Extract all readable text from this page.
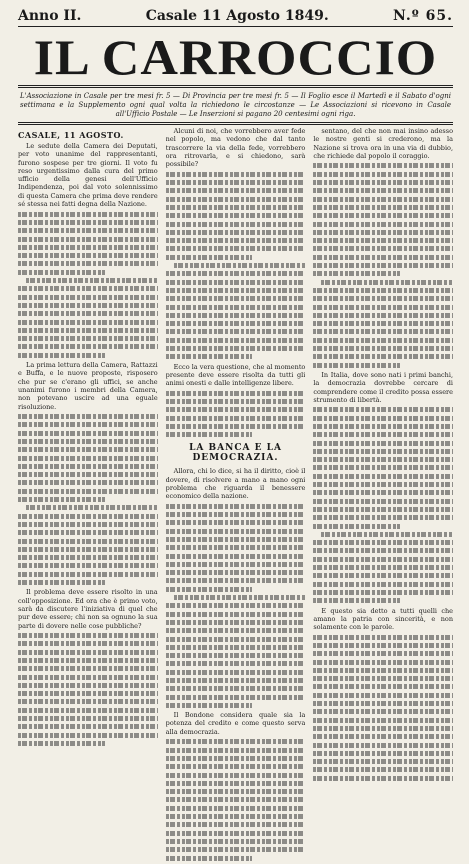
Anno II.	Casale 11 Agosto 1849.	N.º 65.
IL CARROCCIO
L'Associazione in Casale per tre mesi fr. 5 — Di Provincia per tre mesi fr. 5 — Il Foglio esce il Martedì e il Sabato d'ogni settimana e la Supplemento ogni qual volta la richiedono le circostanze — Le Associazioni si ricevono in Casale all'Ufficio Postale — Le Inserzioni si pagano 20 centesimi ogni riga.
CASALE, 11 AGOSTO.

Le sedute della Camera dei Deputati, per voto unanime del rappresentanti, furono sospese per tre giorni. Il voto fu reso urgentissimo dalla cura del primo ufficio della genesi dell'Ufficio Indipendenza, poi dal voto solennissimo di questa Camera che prima deve rendere sé stessa nei fatti degna della Nazione.

La prima lettura della Camera, Rattazzi e Buffa, e le nuove proposte, risposero che pur se c'erano gli uffici, se anche unanimi furono i membri della Camera, non potevano uscire ad una eguale risoluzione.

Il problema deve essere risolto in una coll'opposizione. Ed ora che è primo voto, sarà da discutere l'iniziativa di quel che pur deve essere; chi non sa ognuno la sua parte di dovere nelle cose pubbliche?

Alcuni di noi, che vorrebbero aver fede nel popolo, ma vedono che dal tanto trascorrere la via della fede, vorrebbero ora ritrovarla, e si chiedono, sarà possibile?

Ecco la vera questione, che al momento presente deve essere risolta da tutti gli animi onesti e dalle intelligenze libere.

LA BANCA E LA DEMOCRAZIA.

Allora, chi lo dice, si ha il diritto, cioè il dovere, di risolvere a mano a mano ogni problema che riguarda il benessere economico della nazione.

Il Bondone considera quale sia la potenza del credito e come questo serva alla democrazia.

sentano, del che non mai insino adesso le nostre genti si crederono, ma la Nazione si trova ora in una via di dubbio, che richiede dal popolo il coraggio.

In Italia, dove sono nati i primi banchi, la democrazia dovrebbe cercare di comprendere come il credito possa essere strumento di libertà.

E questo sia detto a tutti quelli che amano la patria con sincerità, e non solamente con le parole.
